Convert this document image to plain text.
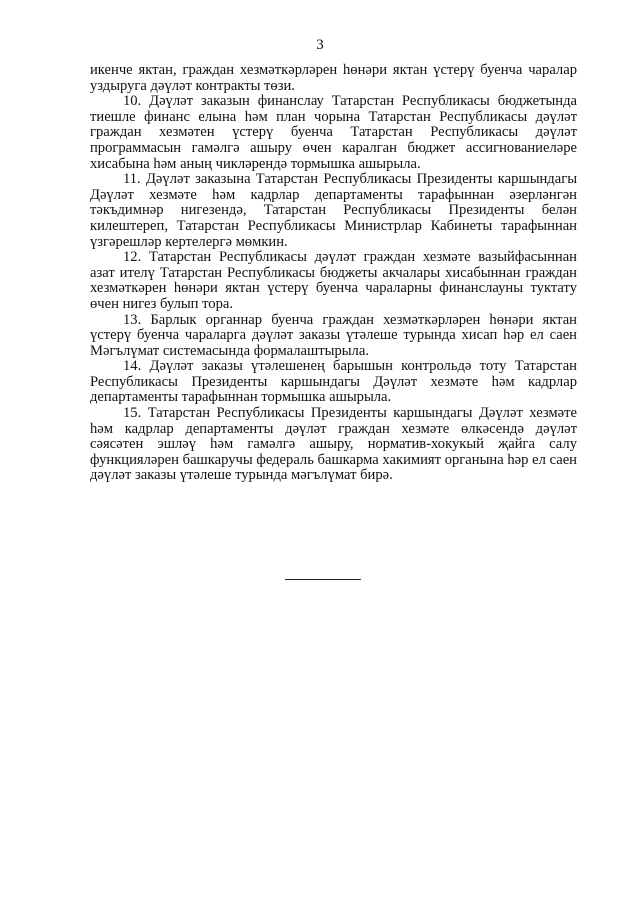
3

икенче яктан, граждан хезмәткәрләрен һөнәри яктан үстерү буенча чаралар уздыруга дәүләт контракты төзи.

10. Дәүләт заказын финанслау Татарстан Республикасы бюджетында тиешле финанс елына һәм план чорына Татарстан Республикасы дәүләт граждан хезмәтен үстерү буенча Татарстан Республикасы дәүләт программасын гамәлгә ашыру өчен каралган бюджет ассигнованиеләре хисабына һәм аның чикләрендә тормышка ашырыла.

11. Дәүләт заказына Татарстан Республикасы Президенты каршындагы Дәүләт хезмәте һәм кадрлар департаменты тарафыннан әзерләнгән тәкъдимнәр нигезендә, Татарстан Республикасы Президенты белән килештереп, Татарстан Республикасы Министрлар Кабинеты тарафыннан үзгәрешләр кертелергә мөмкин.

12. Татарстан Республикасы дәүләт граждан хезмәте вазыйфасыннан азат ителү Татарстан Республикасы бюджеты акчалары хисабыннан граждан хезмәткәрен һөнәри яктан үстерү буенча чараларны финанслауны туктату өчен нигез булып тора.

13. Барлык органнар буенча граждан хезмәткәрләрен һөнәри яктан үстерү буенча чараларга дәүләт заказы үтәлеше турында хисап һәр ел саен Мәгълүмат системасында формалаштырыла.

14. Дәүләт заказы үтәлешенең барышын контрольдә тоту Татарстан Республикасы Президенты каршындагы Дәүләт хезмәте һәм кадрлар департаменты тарафыннан тормышка ашырыла.

15. Татарстан Республикасы Президенты каршындагы Дәүләт хезмәте һәм кадрлар департаменты дәүләт граждан хезмәте өлкәсендә дәүләт сәясәтен эшләү һәм гамәлгә ашыру, норматив-хокукый җайга салу функцияләрен башкаручы федераль башкарма хакимият органына һәр ел саен дәүләт заказы үтәлеше турында мәгълүмат бирә.
